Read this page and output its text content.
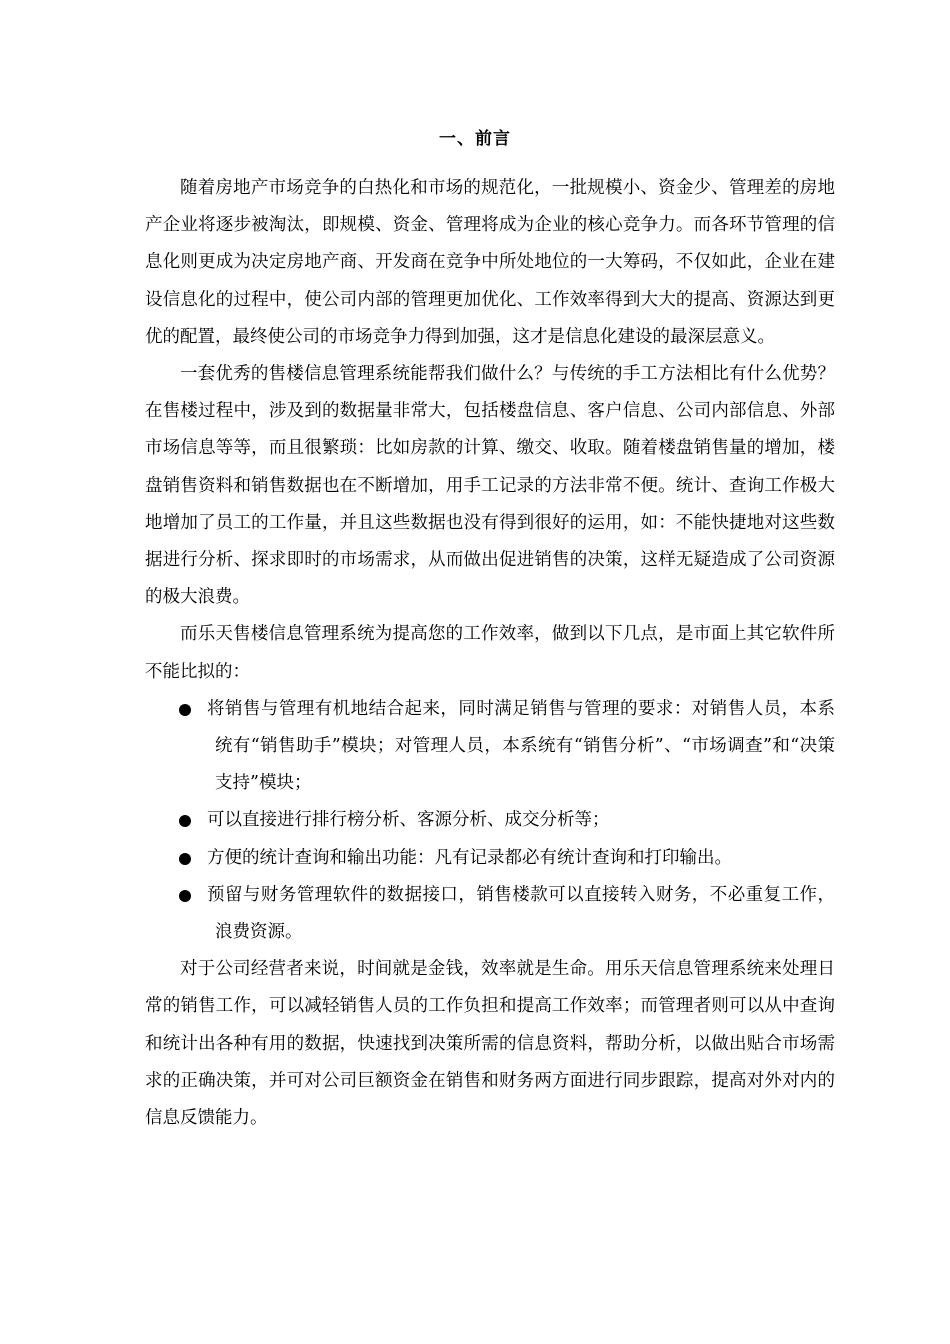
一、前言

随着房地产市场竞争的白热化和市场的规范化，一批规模小、资金少、管理差的房地产企业将逐步被淘汰，即规模、资金、管理将成为企业的核心竞争力。而各环节管理的信息化则更成为决定房地产商、开发商在竞争中所处地位的一大筹码，不仅如此，企业在建设信息化的过程中，使公司内部的管理更加优化、工作效率得到大大的提高、资源达到更优的配置，最终使公司的市场竞争力得到加强，这才是信息化建设的最深层意义。

一套优秀的售楼信息管理系统能帮我们做什么？与传统的手工方法相比有什么优势？在售楼过程中，涉及到的数据量非常大，包括楼盘信息、客户信息、公司内部信息、外部市场信息等等，而且很繁琐：比如房款的计算、缴交、收取。随着楼盘销售量的增加，楼盘销售资料和销售数据也在不断增加，用手工记录的方法非常不便。统计、查询工作极大地增加了员工的工作量，并且这些数据也没有得到很好的运用，如：不能快捷地对这些数据进行分析、探求即时的市场需求，从而做出促进销售的决策，这样无疑造成了公司资源的极大浪费。

而乐天售楼信息管理系统为提高您的工作效率，做到以下几点，是市面上其它软件所不能比拟的：

将销售与管理有机地结合起来，同时满足销售与管理的要求：对销售人员，本系统有“销售助手”模块；对管理人员，本系统有“销售分析”、“市场调查”和“决策支持”模块；
可以直接进行排行榜分析、客源分析、成交分析等；
方便的统计查询和输出功能：凡有记录都必有统计查询和打印输出。
预留与财务管理软件的数据接口，销售楼款可以直接转入财务，不必重复工作，浪费资源。

对于公司经营者来说，时间就是金钱，效率就是生命。用乐天信息管理系统来处理日常的销售工作，可以减轻销售人员的工作负担和提高工作效率；而管理者则可以从中查询和统计出各种有用的数据，快速找到决策所需的信息资料，帮助分析，以做出贴合市场需求的正确决策，并可对公司巨额资金在销售和财务两方面进行同步跟踪，提高对外对内的信息反馈能力。
